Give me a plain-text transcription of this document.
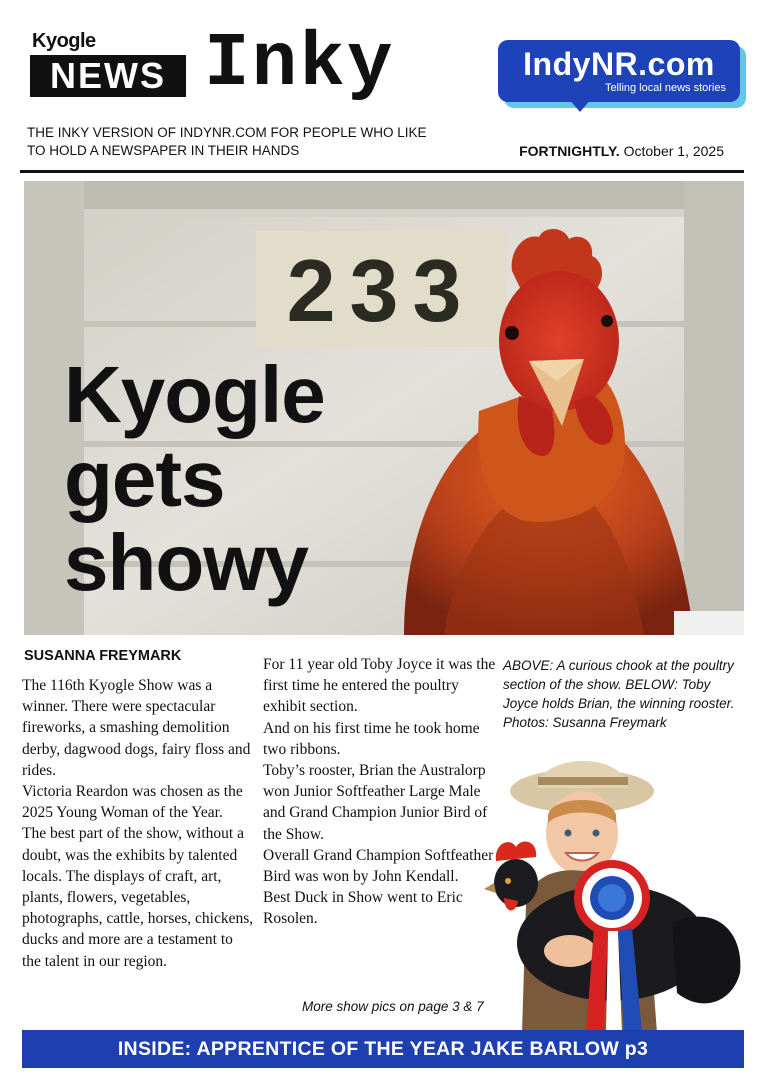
Kyogle
NEWS Inky	IndyNR.com
Telling local news stories
THE INKY VERSION OF INDYNR.COM FOR PEOPLE WHO LIKE TO HOLD A NEWSPAPER IN THEIR HANDS	FORTNIGHTLY. October 1, 2025
233
Kyogle
gets
showy
SUSANNA FREYMARK

The 116th Kyogle Show was a winner. There were spectacular fireworks, a smashing demolition derby, dagwood dogs, fairy floss and rides.

Victoria Reardon was chosen as the 2025 Young Woman of the Year.

The best part of the show, without a doubt, was the exhibits by talented locals. The displays of craft, art, plants, flowers, vegetables, photographs, cattle, horses, chickens, ducks and more are a testament to the talent in our region.

For 11 year old Toby Joyce it was the first time he entered the poultry exhibit section.

And on his first time he took home two ribbons.

Toby’s rooster, Brian the Australorp won Junior Softfeather Large Male and Grand Champion Junior Bird of the Show.

Overall Grand Champion Softfeather Bird was won by John Kendall.

Best Duck in Show went to Eric Rosolen.

ABOVE: A curious chook at the poultry section of the show. BELOW: Toby Joyce holds Brian, the winning rooster. Photos: Susanna Freymark
More show pics on page 3 & 7
INSIDE: APPRENTICE OF THE YEAR JAKE BARLOW p3
